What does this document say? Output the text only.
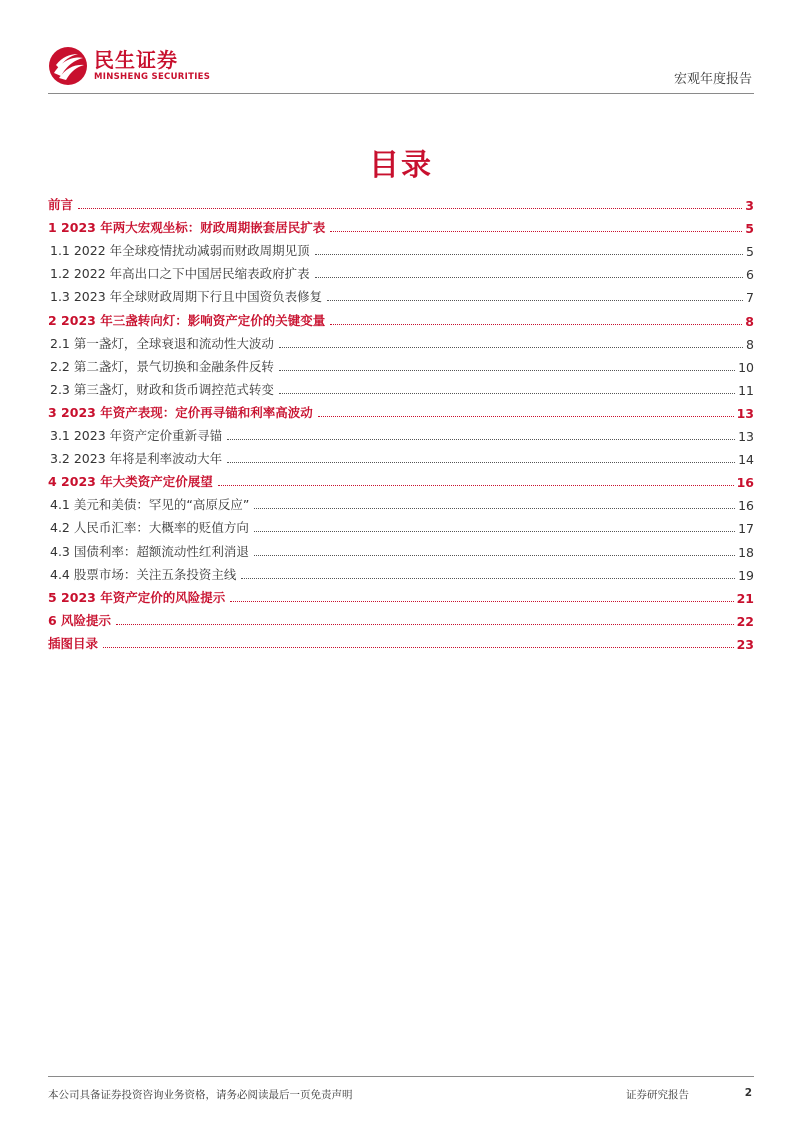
民生证券
MINSHENG SECURITIES	宏观年度报告
目录
前言	3
1 2023 年两大宏观坐标：财政周期嵌套居民扩表	5
1.1 2022 年全球疫情扰动减弱而财政周期见顶	5
1.2 2022 年高出口之下中国居民缩表政府扩表	6
1.3 2023 年全球财政周期下行且中国资负表修复	7
2 2023 年三盏转向灯：影响资产定价的关键变量	8
2.1 第一盏灯，全球衰退和流动性大波动	8
2.2 第二盏灯，景气切换和金融条件反转	10
2.3 第三盏灯，财政和货币调控范式转变	11
3 2023 年资产表现：定价再寻锚和利率高波动	13
3.1 2023 年资产定价重新寻锚	13
3.2 2023 年将是利率波动大年	14
4 2023 年大类资产定价展望	16
4.1 美元和美债：罕见的“高原反应”	16
4.2 人民币汇率：大概率的贬值方向	17
4.3 国债利率：超额流动性红利消退	18
4.4 股票市场：关注五条投资主线	19
5 2023 年资产定价的风险提示	21
6 风险提示	22
插图目录	23
本公司具备证券投资咨询业务资格，请务必阅读最后一页免责声明	证券研究报告	2
